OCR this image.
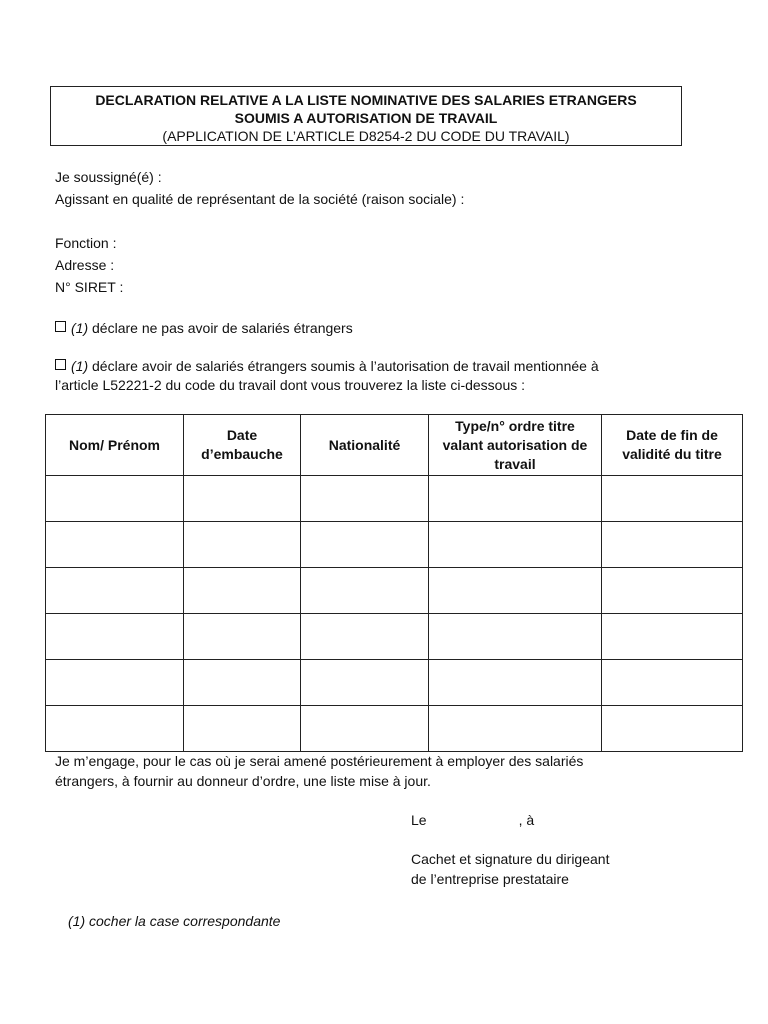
DECLARATION RELATIVE A LA LISTE NOMINATIVE DES SALARIES ETRANGERS
SOUMIS A AUTORISATION DE TRAVAIL
(APPLICATION DE L’ARTICLE D8254-2 DU CODE DU TRAVAIL)
Je soussigné(é) :
Agissant en qualité de représentant de la société (raison sociale) :
Fonction :
Adresse :
N° SIRET :
(1) déclare ne pas avoir de salariés étrangers
(1) déclare avoir de salariés étrangers soumis à l’autorisation de travail mentionnée à
l’article L52221-2 du code du travail dont vous trouverez la liste ci-dessous :
Nom/ Prénom	Date d’embauche	Nationalité	Type/n° ordre titre valant autorisation de travail	Date de fin de validité du titre

Je m’engage, pour le cas où je serai amené postérieurement à employer des salariés
étrangers, à fournir au donneur d’ordre, une liste mise à jour.
Le	, à
Cachet et signature du dirigeant
de l’entreprise prestataire
(1) cocher la case correspondante
